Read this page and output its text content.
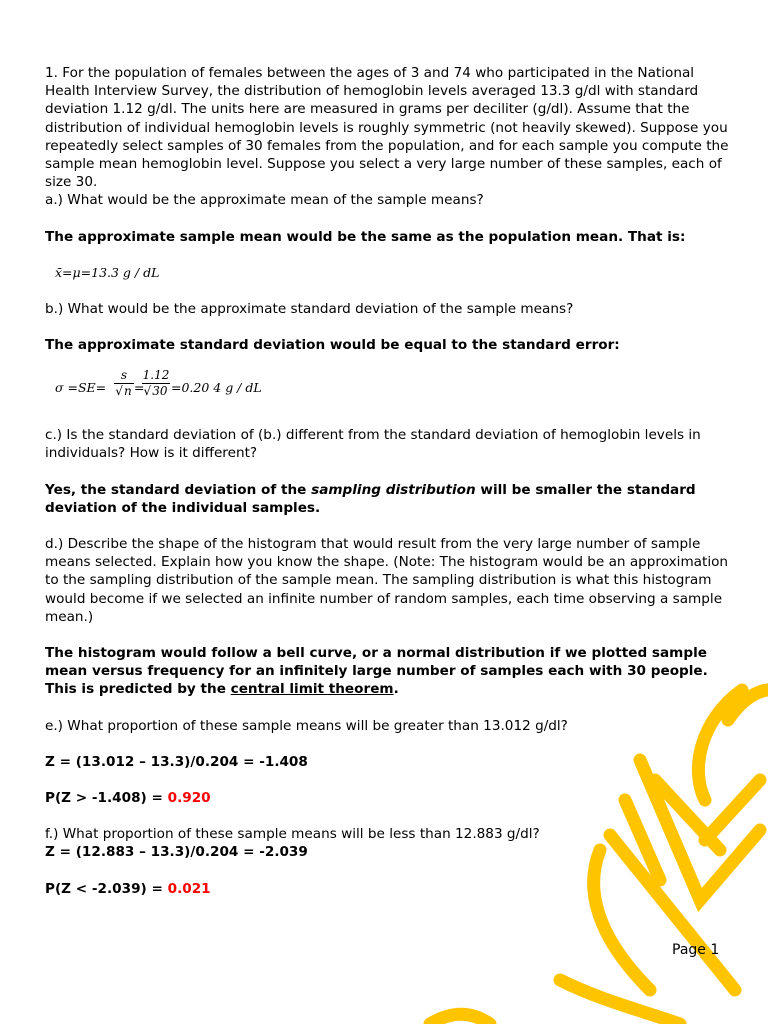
1. For the population of females between the ages of 3 and 74 who participated in the National Health Interview Survey, the distribution of hemoglobin levels averaged 13.3 g/dl with standard deviation 1.12 g/dl. The units here are measured in grams per deciliter (g/dl). Assume that the distribution of individual hemoglobin levels is roughly symmetric (not heavily skewed). Suppose you repeatedly select samples of 30 females from the population, and for each sample you compute the sample mean hemoglobin level. Suppose you select a very large number of these samples, each of size 30.

a.) What would be the approximate mean of the sample means?

The approximate sample mean would be the same as the population mean. That is:

x̄=μ=13.3 g / dL

b.) What would be the approximate standard deviation of the sample means?

The approximate standard deviation would be equal to the standard error:

σ =SE=
s
√n =
1.12
√30 =0.20 4 g / dL

c.) Is the standard deviation of (b.) different from the standard deviation of hemoglobin levels in individuals? How is it different?

Yes, the standard deviation of the sampling distribution will be smaller the standard deviation of the individual samples.

d.) Describe the shape of the histogram that would result from the very large number of sample means selected. Explain how you know the shape. (Note: The histogram would be an approximation to the sampling distribution of the sample mean. The sampling distribution is what this histogram would become if we selected an infinite number of random samples, each time observing a sample mean.)

The histogram would follow a bell curve, or a normal distribution if we plotted sample mean versus frequency for an infinitely large number of samples each with 30 people. This is predicted by the central limit theorem.

e.) What proportion of these sample means will be greater than 13.012 g/dl?

Z = (13.012 – 13.3)/0.204 = -1.408

P(Z > -1.408) = 0.920

f.) What proportion of these sample means will be less than 12.883 g/dl?

Z = (12.883 – 13.3)/0.204 = -2.039

P(Z < -2.039) = 0.021

Page 1
